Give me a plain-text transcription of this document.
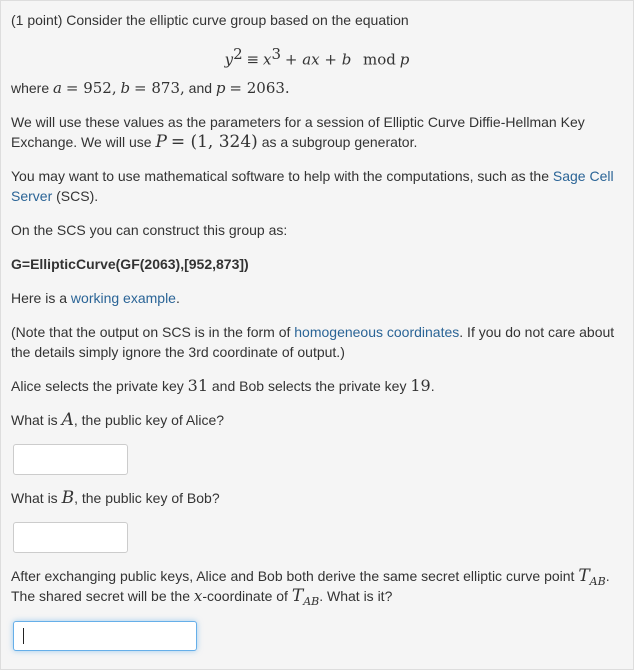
(1 point) Consider the elliptic curve group based on the equation
$y^2 \equiv x^3$ + ax + b mod p
where a = 952, b = 873, and p = 2063.
We will use these values as the parameters for a session of Elliptic Curve Diffie-Hellman Key
Exchange. We will use P = (1, 324) as a subgroup generator.
You may want to use mathematical software to help with the computations, such as the Sage Cell
Server (SCS).
On the SCS you can construct this group as:
G=EllipticCurve(GF(2063),[952,873])
Here is a working example.
(Note that the output on SCS is in the form of homogeneous coordinates. If you do not care about
the details simply ignore the 3rd coordinate of output.)
Alice selects the private key 31 and Bob selects the private key 19.
What is A, the public key of Alice?
What is B, the public key of Bob?
After exchanging public keys, Alice and Bob both derive the same secret elliptic curve point $T_{AB}$.
The shared secret will be the x-coordinate of $T_{AB}$. What is it?
